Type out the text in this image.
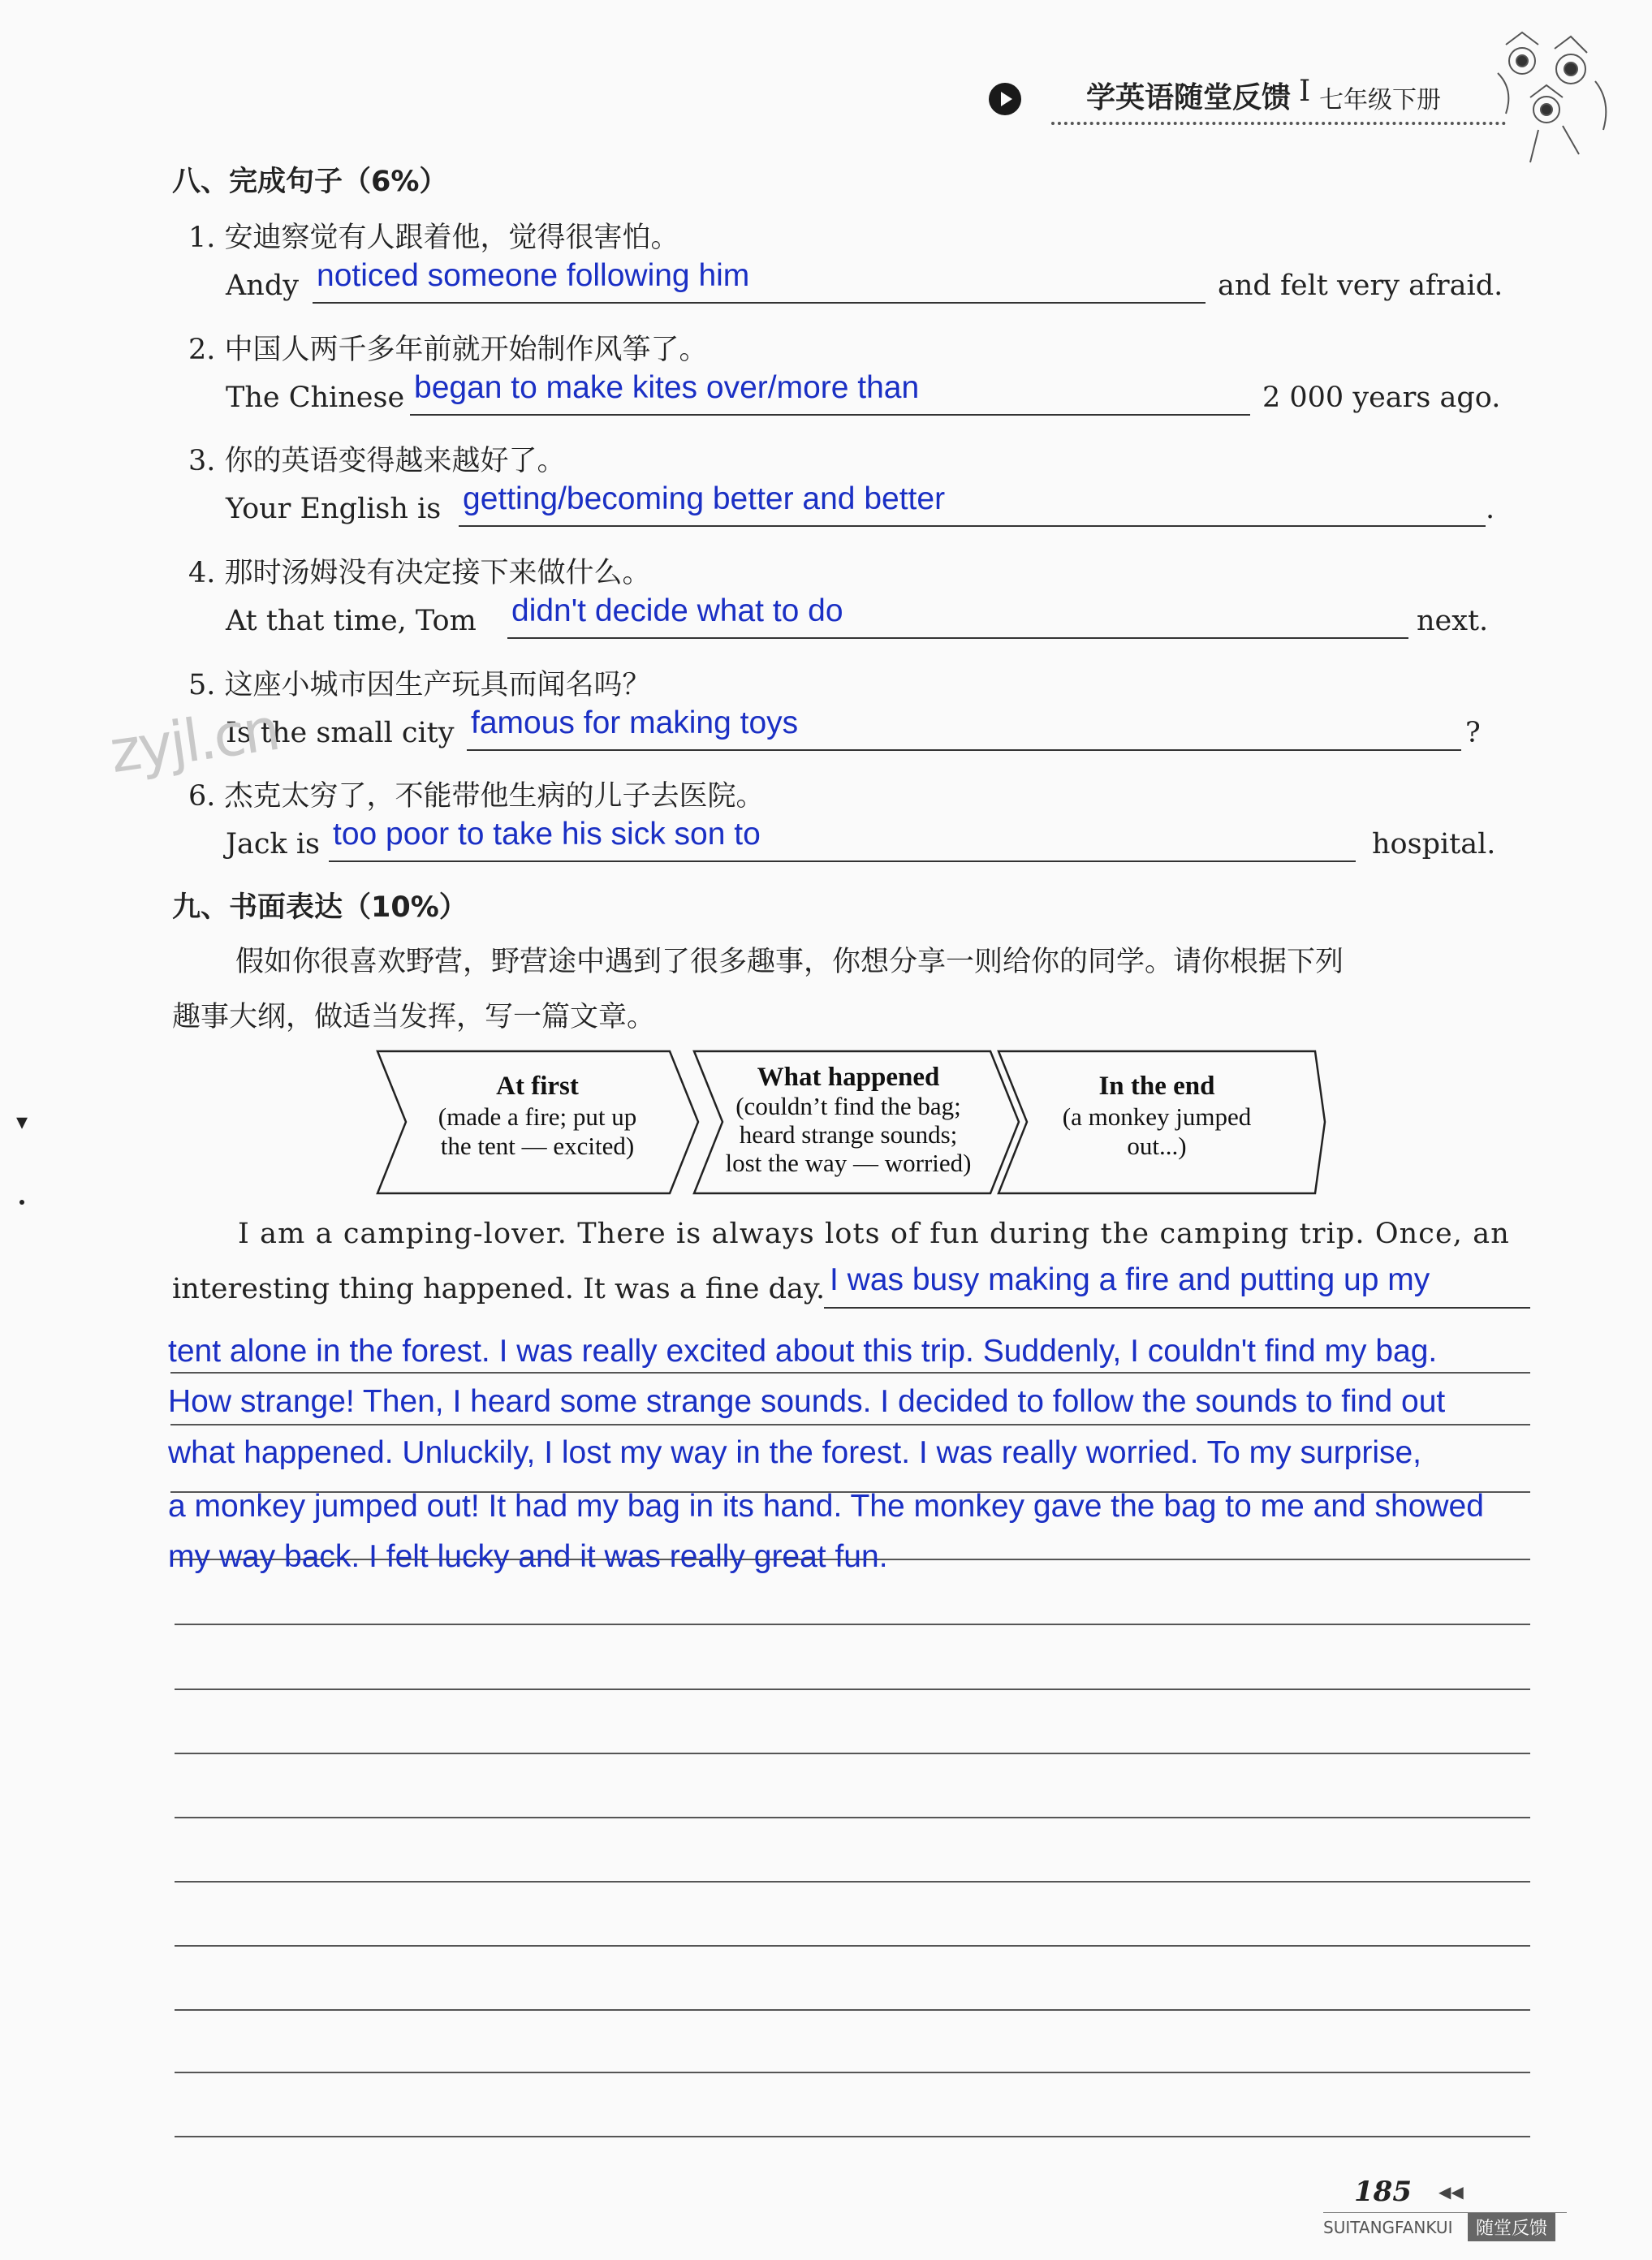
学英语随堂反馈 I 七年级下册
八、完成句子（6%）
1. 安迪察觉有人跟着他，觉得很害怕。
Andy noticed someone following him	and felt very afraid.
2. 中国人两千多年前就开始制作风筝了。
The Chinese began to make kites over/more than	2 000 years ago.
3. 你的英语变得越来越好了。
Your English is getting/becoming better and better	.
4. 那时汤姆没有决定接下来做什么。
At that time, Tom didn't decide what to do	next.
5. 这座小城市因生产玩具而闻名吗？
Is the small city famous for making toys	?
6. 杰克太穷了，不能带他生病的儿子去医院。
Jack is too poor to take his sick son to	hospital.
zyjl.cn
九、书面表达（10%）
假如你很喜欢野营，野营途中遇到了很多趣事，你想分享一则给你的同学。请你根据下列
趣事大纲，做适当发挥，写一篇文章。
At first
(made a fire; put up
the tent — excited)
What happened
(couldn’t find the bag;
heard strange sounds;
lost the way — worried)
In the end
(a monkey jumped
out...)
▾
I am a camping-lover. There is always lots of fun during the camping trip. Once, an
interesting thing happened. It was a fine day. I was busy making a fire and putting up my
tent alone in the forest. I was really excited about this trip. Suddenly, I couldn't find my bag.
How strange! Then, I heard some strange sounds. I decided to follow the sounds to find out
what happened. Unluckily, I lost my way in the forest. I was really worried. To my surprise,
a monkey jumped out! It had my bag in its hand. The monkey gave the bag to me and showed
my way back. I felt lucky and it was really great fun.
185 ◀◀
SUITANGFANKUI	随堂反馈
